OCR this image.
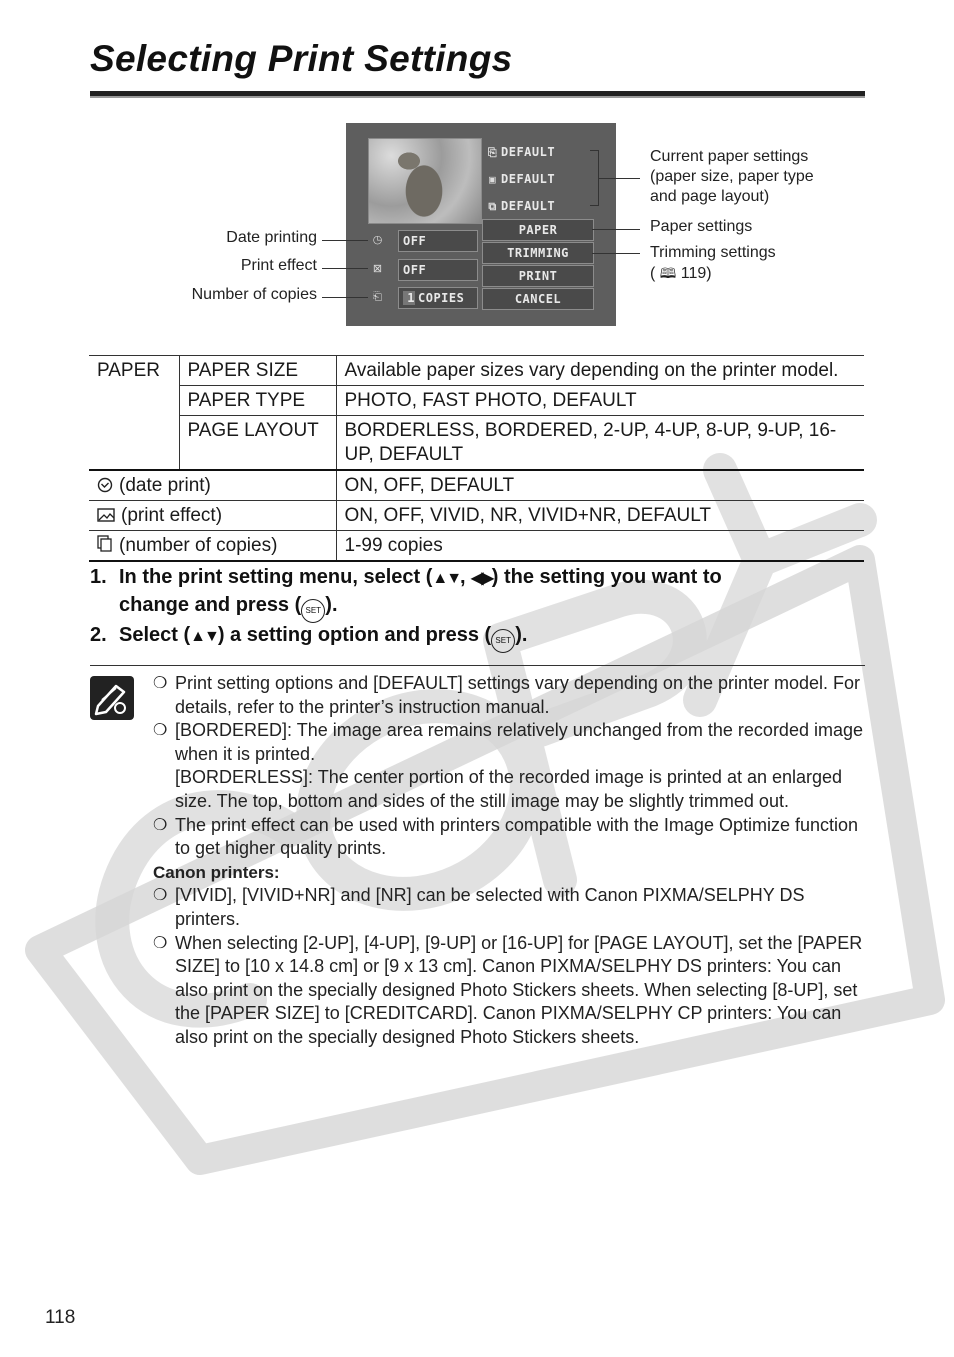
Selecting Print Settings
⎘ DEFAULT
▣ DEFAULT
⧉ DEFAULT
PAPER
TRIMMING
PRINT
CANCEL
◷	OFF
⊠	OFF
⎗	1 COPIES
Date printing
Print effect
Number of copies
Current paper settings
(paper size, paper type
and page layout)
Paper settings
Trimming settings
( 🕮 119)
PAPER	PAPER SIZE	Available paper sizes vary depending on the printer model.
	PAPER TYPE	PHOTO, FAST PHOTO, DEFAULT
	PAGE LAYOUT	BORDERLESS, BORDERED, 2-UP, 4-UP, 8-UP, 9-UP, 16-UP, DEFAULT
(date print)		ON, OFF, DEFAULT
(print effect)		ON, OFF, VIVID, NR, VIVID+NR, DEFAULT
(number of copies)		1-99 copies
1. In the print setting menu, select (▲▼, ◀▶) the setting you want to
change and press ( SET ).
2. Select (▲▼) a setting option and press ( SET ).
❍ Print setting options and [DEFAULT] settings vary depending on the printer model. For details, refer to the printer’s instruction manual.
❍ [BORDERED]: The image area remains relatively unchanged from the recorded image when it is printed.
[BORDERLESS]: The center portion of the recorded image is printed at an enlarged size. The top, bottom and sides of the still image may be slightly trimmed out.
❍ The print effect can be used with printers compatible with the Image Optimize function to get higher quality prints.
Canon printers:
❍ [VIVID], [VIVID+NR] and [NR] can be selected with Canon PIXMA/SELPHY DS printers.
❍ When selecting [2-UP], [4-UP], [9-UP] or [16-UP] for [PAGE LAYOUT], set the [PAPER SIZE] to [10 x 14.8 cm] or [9 x 13 cm]. Canon PIXMA/SELPHY DS printers: You can also print on the specially designed Photo Stickers sheets. When selecting [8-UP], set the [PAPER SIZE] to [CREDITCARD]. Canon PIXMA/SELPHY CP printers: You can also print on the specially designed Photo Stickers sheets.
118
